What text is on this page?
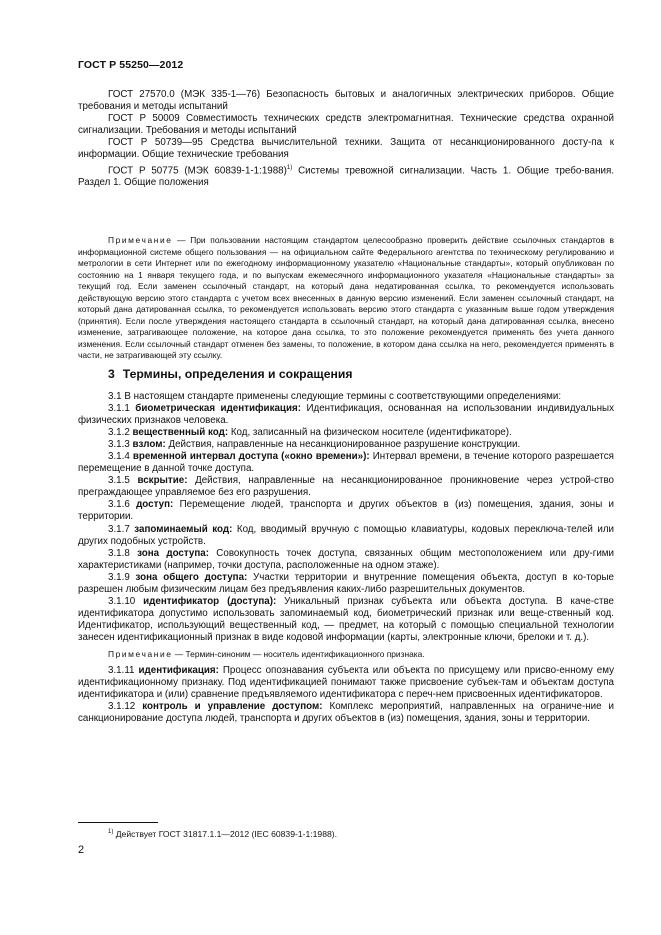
ГОСТ Р 55250—2012

ГОСТ 27570.0 (МЭК 335-1—76) Безопасность бытовых и аналогичных электрических приборов. Общие требования и методы испытаний

ГОСТ Р 50009 Совместимость технических средств электромагнитная. Технические средства охранной сигнализации. Требования и методы испытаний

ГОСТ Р 50739—95 Средства вычислительной техники. Защита от несанкционированного досту-па к информации. Общие технические требования

ГОСТ Р 50775 (МЭК 60839-1-1:1988)$^{1)}$ Системы тревожной сигнализации. Часть 1. Общие требо-вания. Раздел 1. Общие положения

Примечание — При пользовании настоящим стандартом целесообразно проверить действие ссылочных стандартов в информационной системе общего пользования — на официальном сайте Федерального агентства по техническому регулированию и метрологии в сети Интернет или по ежегодному информационному указателю «Национальные стандарты», который опубликован по состоянию на 1 января текущего года, и по выпускам ежемесячного информационного указателя «Национальные стандарты» за текущий год. Если заменен ссылочный стандарт, на который дана недатированная ссылка, то рекомендуется использовать действующую версию этого стандарта с учетом всех внесенных в данную версию изменений. Если заменен ссылочный стандарт, на который дана датированная ссылка, то рекомендуется использовать версию этого стандарта с указанным выше годом утверждения (принятия). Если после утверждения настоящего стандарта в ссылочный стандарт, на который дана датированная ссылка, внесено изменение, затрагивающее положение, на которое дана ссылка, то это положение рекомендуется применять без учета данного изменения. Если ссылочный стандарт отменен без замены, то положение, в котором дана ссылка на него, рекомендуется применять в части, не затрагивающей эту ссылку.

3 Термины, определения и сокращения

3.1 В настоящем стандарте применены следующие термины с соответствующими определениями:

3.1.1 биометрическая идентификация: Идентификация, основанная на использовании индивидуальных физических признаков человека.

3.1.2 вещественный код: Код, записанный на физическом носителе (идентификаторе).

3.1.3 взлом: Действия, направленные на несанкционированное разрушение конструкции.

3.1.4 временной интервал доступа («окно времени»): Интервал времени, в течение которого разрешается перемещение в данной точке доступа.

3.1.5 вскрытие: Действия, направленные на несанкционированное проникновение через устрой-ство преграждающее управляемое без его разрушения.

3.1.6 доступ: Перемещение людей, транспорта и других объектов в (из) помещения, здания, зоны и территории.

3.1.7 запоминаемый код: Код, вводимый вручную с помощью клавиатуры, кодовых переключа-телей или других подобных устройств.

3.1.8 зона доступа: Совокупность точек доступа, связанных общим местоположением или дру-гими характеристиками (например, точки доступа, расположенные на одном этаже).

3.1.9 зона общего доступа: Участки территории и внутренние помещения объекта, доступ в ко-торые разрешен любым физическим лицам без предъявления каких-либо разрешительных документов.

3.1.10 идентификатор (доступа): Уникальный признак субъекта или объекта доступа. В каче-стве идентификатора допустимо использовать запоминаемый код, биометрический признак или веще-ственный код. Идентификатор, использующий вещественный код, — предмет, на который с помощью специальной технологии занесен идентификационный признак в виде кодовой информации (карты, электронные ключи, брелоки и т. д.).

Примечание — Термин-синоним — носитель идентификационного признака.

3.1.11 идентификация: Процесс опознавания субъекта или объекта по присущему или присво-енному ему идентификационному признаку. Под идентификацией понимают также присвоение субъек-там и объектам доступа идентификатора и (или) сравнение предъявляемого идентификатора с переч-нем присвоенных идентификаторов.

3.1.12 контроль и управление доступом: Комплекс мероприятий, направленных на ограниче-ние и санкционирование доступа людей, транспорта и других объектов в (из) помещения, здания, зоны и территории.

$^{1)}$ Действует ГОСТ 31817.1.1—2012 (IEC 60839-1-1:1988).
2
